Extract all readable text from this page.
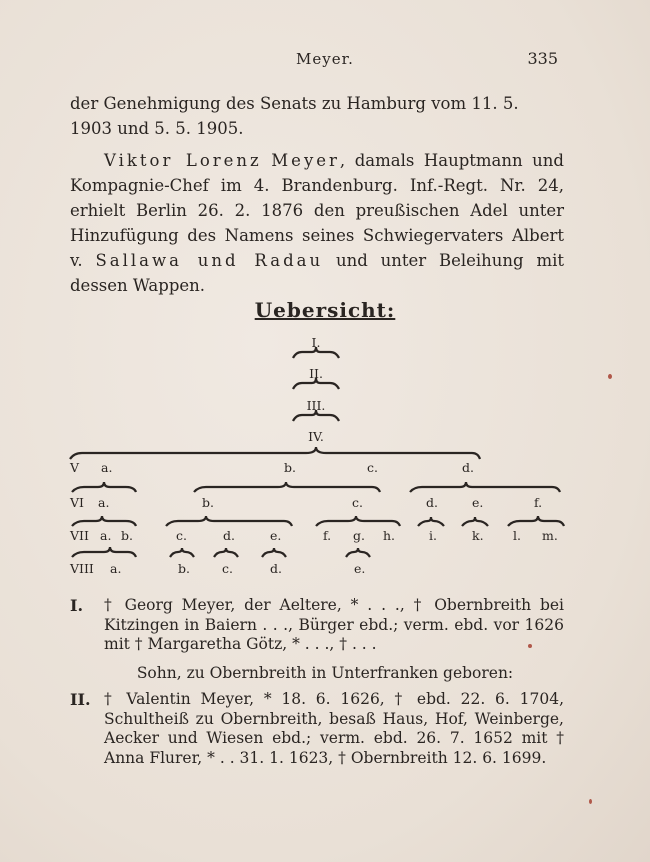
Meyer.	335
der Genehmigung des Senats zu Hamburg vom 11. 5.
1903 und 5. 5. 1905.
Viktor Lorenz Meyer, damals Hauptmann und Kompagnie-Chef im 4. Brandenburg. Inf.-Regt. Nr. 24, erhielt Berlin 26. 2. 1876 den preußischen Adel unter Hinzufügung des Namens seines Schwiegervaters Albert v. Sallawa und Radau und unter Beleihung mit dessen Wappen.
Uebersicht:
I.
II.
III.
IV.
V a.	b.	c.	d.
VI a.	b.	c.	d.	e.	f.
VII a. b.	c.	d.	e.	f. g. h.	i.	k. l. m.
VIII a.	b.	c.	d.	e.
I.	† Georg Meyer, der Aeltere, * . . ., † Obernbreith bei Kitzingen in Baiern . . ., Bürger ebd.; verm. ebd. vor 1626 mit † Margaretha Götz, * . . ., † . . .
Sohn, zu Obernbreith in Unterfranken geboren:
II. † Valentin Meyer, * 18. 6. 1626, † ebd. 22. 6. 1704, Schultheiß zu Obernbreith, besaß Haus, Hof, Weinberge, Aecker und Wiesen ebd.; verm. ebd. 26. 7. 1652 mit † Anna Flurer, * . . 31. 1. 1623, † Obernbreith 12. 6. 1699.
